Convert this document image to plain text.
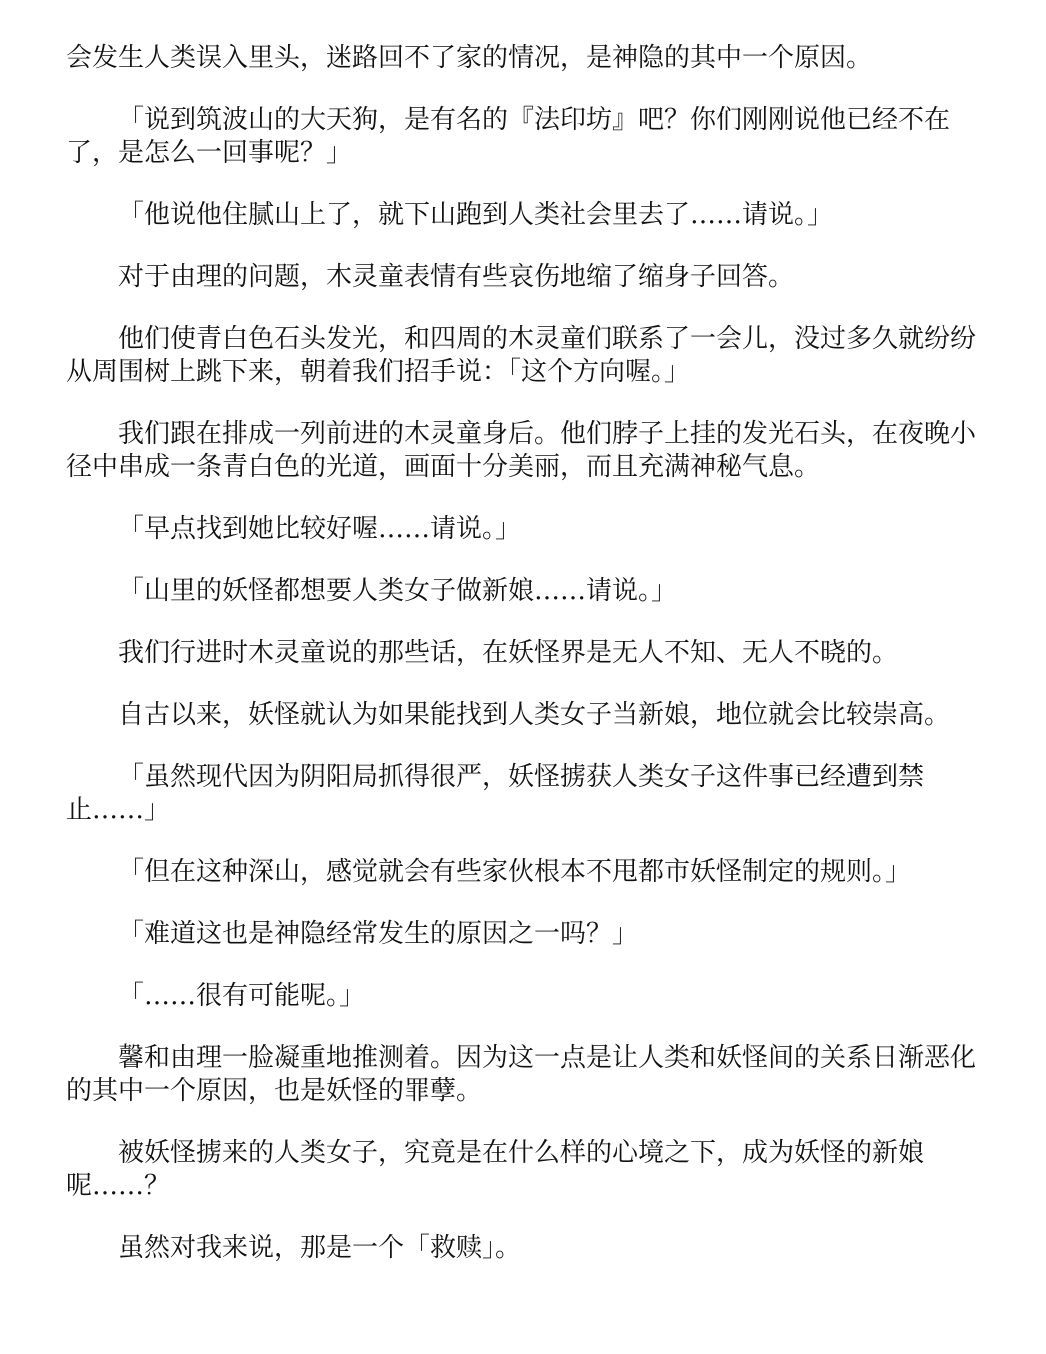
会发生人类误入里头，迷路回不了家的情况，是神隐的其中一个原因。

「说到筑波山的大天狗，是有名的『法印坊』吧？你们刚刚说他已经不在了，是怎么一回事呢？」

「他说他住腻山上了，就下山跑到人类社会里去了……请说。」

对于由理的问题，木灵童表情有些哀伤地缩了缩身子回答。

他们使青白色石头发光，和四周的木灵童们联系了一会儿，没过多久就纷纷从周围树上跳下来，朝着我们招手说：「这个方向喔。」

我们跟在排成一列前进的木灵童身后。他们脖子上挂的发光石头，在夜晚小径中串成一条青白色的光道，画面十分美丽，而且充满神秘气息。

「早点找到她比较好喔……请说。」

「山里的妖怪都想要人类女子做新娘……请说。」

我们行进时木灵童说的那些话，在妖怪界是无人不知、无人不晓的。

自古以来，妖怪就认为如果能找到人类女子当新娘，地位就会比较崇高。

「虽然现代因为阴阳局抓得很严，妖怪掳获人类女子这件事已经遭到禁止……」

「但在这种深山，感觉就会有些家伙根本不甩都市妖怪制定的规则。」

「难道这也是神隐经常发生的原因之一吗？」

「……很有可能呢。」

馨和由理一脸凝重地推测着。因为这一点是让人类和妖怪间的关系日渐恶化的其中一个原因，也是妖怪的罪孽。

被妖怪掳来的人类女子，究竟是在什么样的心境之下，成为妖怪的新娘呢……？

虽然对我来说，那是一个「救赎」。
